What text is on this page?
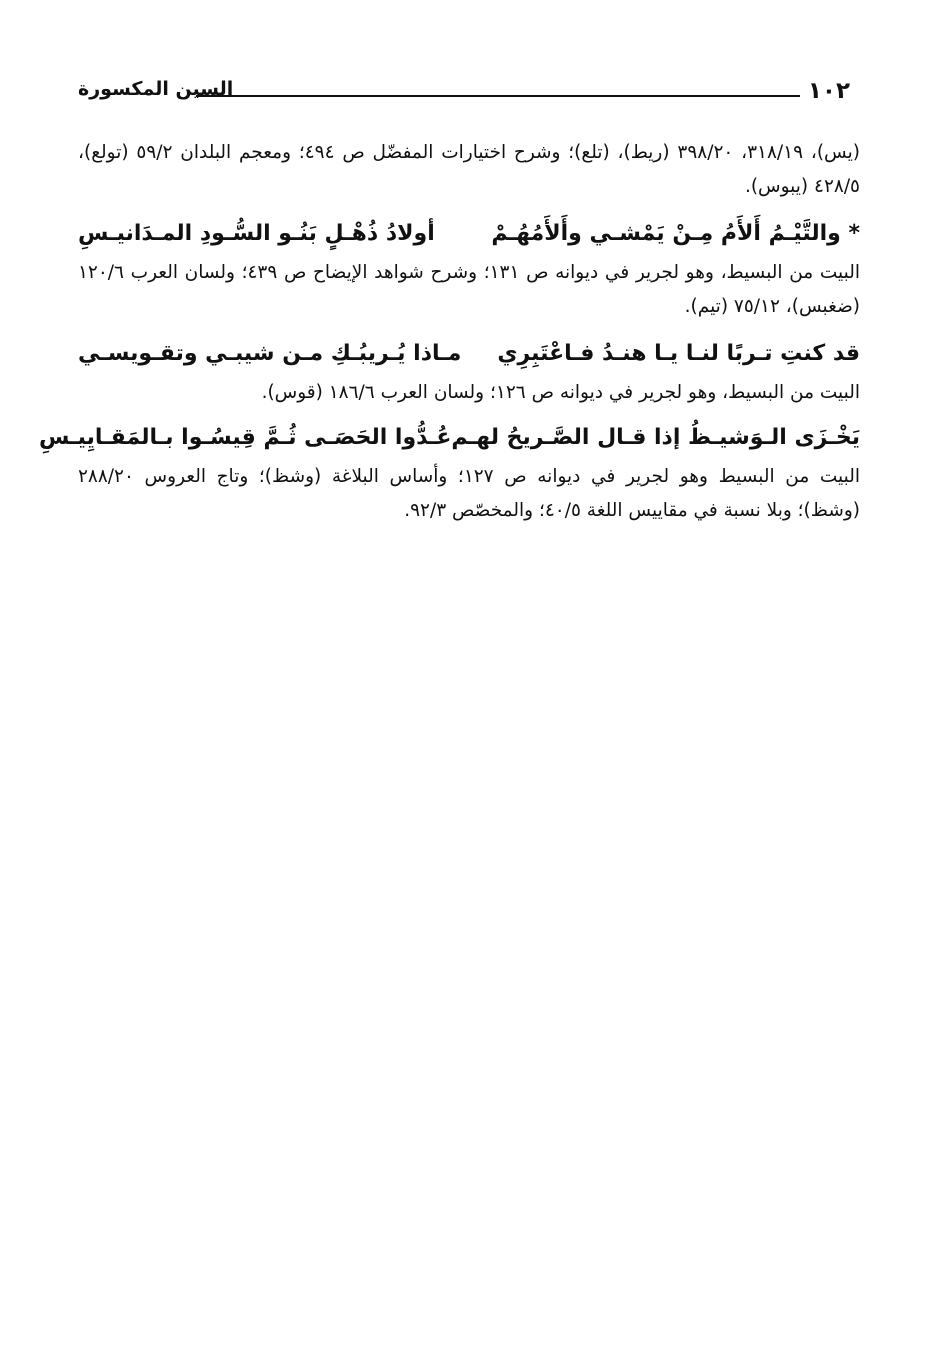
١٠٢
السين المكسورة

(يس)، ٣١٨/١٩، ٣٩٨/٢٠ (ريط)، (تلع)؛ وشرح اختيارات المفضّل ص ٤٩٤؛ ومعجم البلدان ٥٩/٢ (تولع)، ٤٢٨/٥ (يبوس).

* والتَّيْـمُ أَلأَمُ مِـنْ يَمْشـي وأَلأَمُهُـمْ
أولادُ ذُهْـلٍ بَنُـو السُّـودِ المـدَانيـسِ

البيت من البسيط، وهو لجرير في ديوانه ص ١٣١؛ وشرح شواهد الإيضاح ص ٤٣٩؛ ولسان العرب ١٢٠/٦ (ضغبس)، ٧٥/١٢ (تيم).

قد كنتِ تـربًا لنـا يـا هنـدُ فـاعْتَبِرِي
مـاذا يُـريبُـكِ مـن شيبـي وتقـويسـي

البيت من البسيط، وهو لجرير في ديوانه ص ١٢٦؛ ولسان العرب ١٨٦/٦ (قوس).

يَخْـزَى الـوَشيـظُ إذا قـال الصَّـريحُ لهـم
عُـدُّوا الحَصَـى ثُـمَّ قِيسُـوا بـالمَقـايِيـسِ

البيت من البسيط وهو لجرير في ديوانه ص ١٢٧؛ وأساس البلاغة (وشظ)؛ وتاج العروس ٢٨٨/٢٠ (وشظ)؛ وبلا نسبة في مقاييس اللغة ٤٠/٥؛ والمخصّص ٩٢/٣.
